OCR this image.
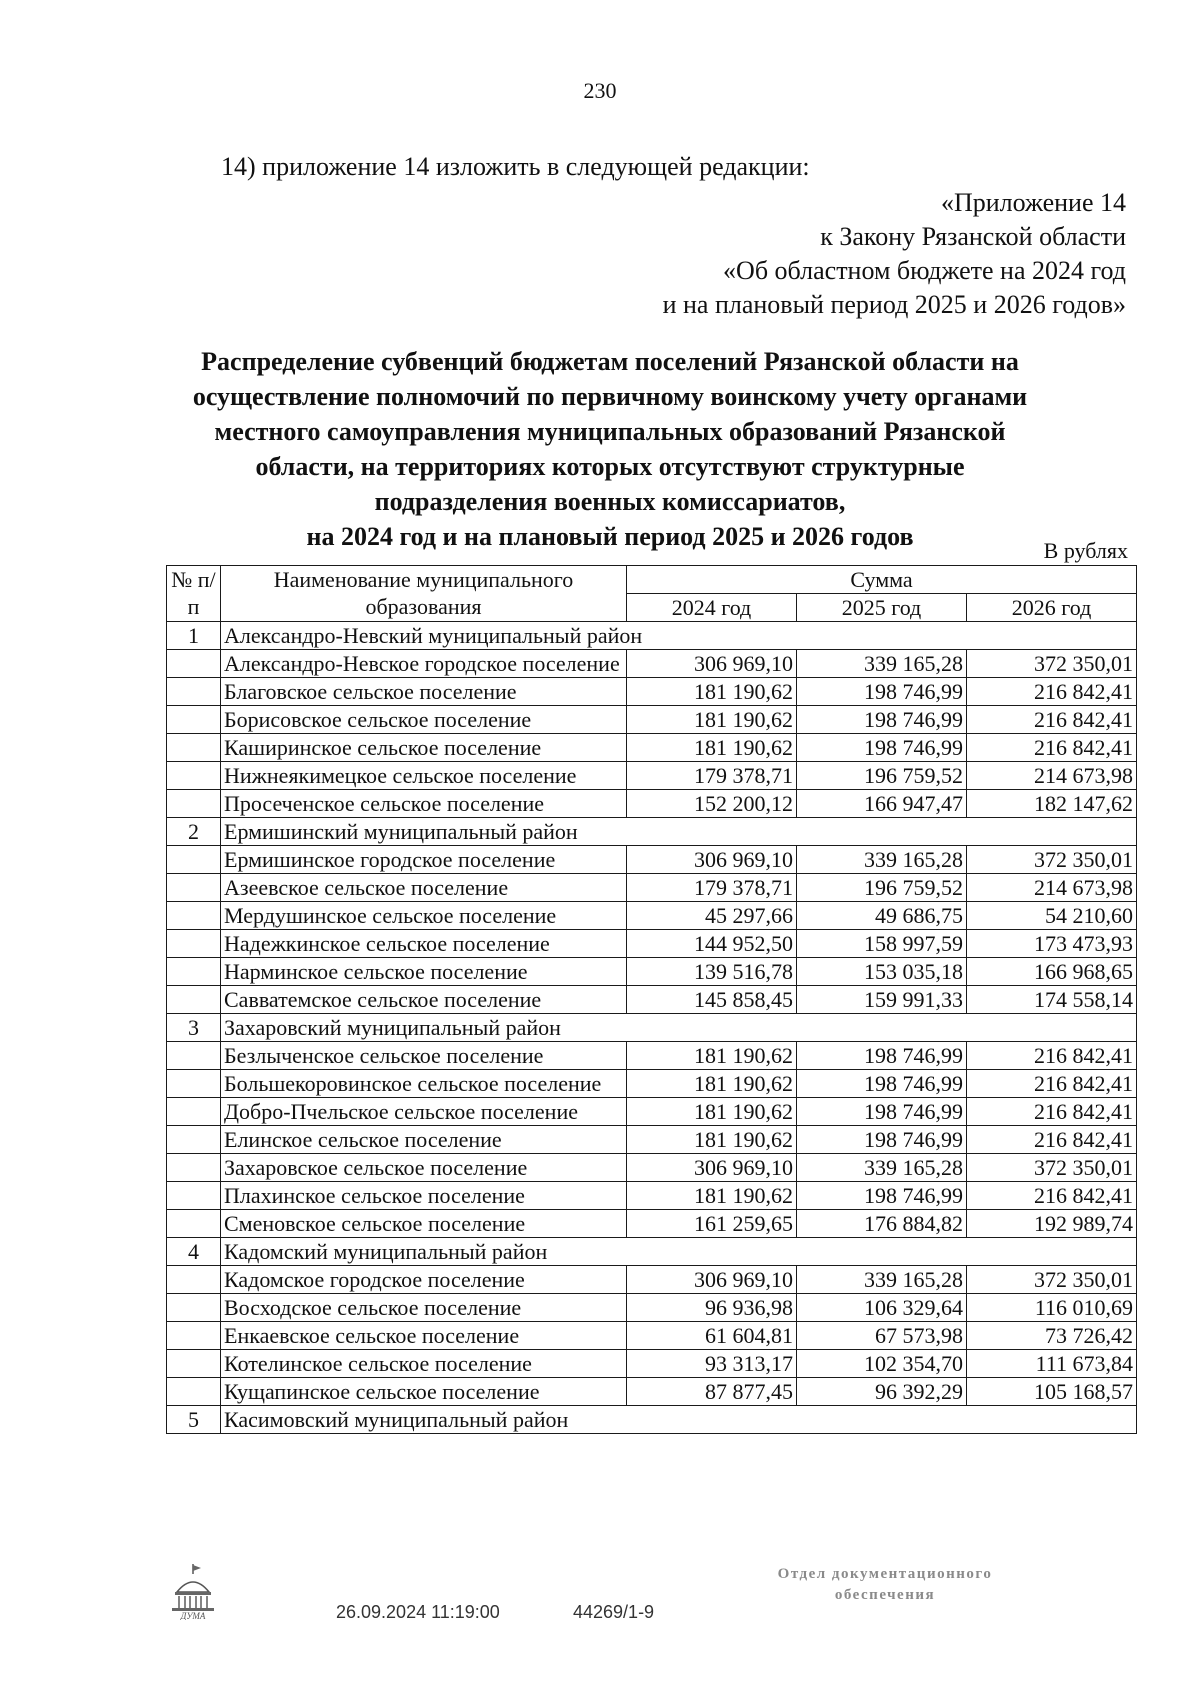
230
14) приложение 14 изложить в следующей редакции:
«Приложение 14
к Закону Рязанской области
«Об областном бюджете на 2024 год
и на плановый период 2025 и 2026 годов»
Распределение субвенций бюджетам поселений Рязанской области на
осуществление полномочий по первичному воинскому учету органами
местного самоуправления муниципальных образований Рязанской
области, на территориях которых отсутствуют структурные
подразделения военных комиссариатов,
на 2024 год и на плановый период 2025 и 2026 годов	В рублях
№ п/п	Наименование муниципального образования	Сумма		
		2024 год	2025 год	2026 год
1	Александро-Невский муниципальный район			
	Александро-Невское городское поселение	306 969,10	339 165,28	372 350,01
	Благовское сельское поселение	181 190,62	198 746,99	216 842,41
	Борисовское сельское поселение	181 190,62	198 746,99	216 842,41
	Каширинское сельское поселение	181 190,62	198 746,99	216 842,41
	Нижнеякимецкое сельское поселение	179 378,71	196 759,52	214 673,98
	Просеченское сельское поселение	152 200,12	166 947,47	182 147,62
2	Ермишинский муниципальный район			
	Ермишинское городское поселение	306 969,10	339 165,28	372 350,01
	Азеевское сельское поселение	179 378,71	196 759,52	214 673,98
	Мердушинское сельское поселение	45 297,66	49 686,75	54 210,60
	Надежкинское сельское поселение	144 952,50	158 997,59	173 473,93
	Нарминское сельское поселение	139 516,78	153 035,18	166 968,65
	Савватемское сельское поселение	145 858,45	159 991,33	174 558,14
3	Захаровский муниципальный район			
	Безлыченское сельское поселение	181 190,62	198 746,99	216 842,41
	Большекоровинское сельское поселение	181 190,62	198 746,99	216 842,41
	Добро-Пчельское сельское поселение	181 190,62	198 746,99	216 842,41
	Елинское сельское поселение	181 190,62	198 746,99	216 842,41
	Захаровское сельское поселение	306 969,10	339 165,28	372 350,01
	Плахинское сельское поселение	181 190,62	198 746,99	216 842,41
	Сменовское сельское поселение	161 259,65	176 884,82	192 989,74
4	Кадомский муниципальный район			
	Кадомское городское поселение	306 969,10	339 165,28	372 350,01
	Восходское сельское поселение	96 936,98	106 329,64	116 010,69
	Енкаевское сельское поселение	61 604,81	67 573,98	73 726,42
	Котелинское сельское поселение	93 313,17	102 354,70	111 673,84
	Кущапинское сельское поселение	87 877,45	96 392,29	105 168,57
5	Касимовский муниципальный район			
ДУМА	26.09.2024 11:19:00	44269/1-9
Отдел документационного
обеспечения
